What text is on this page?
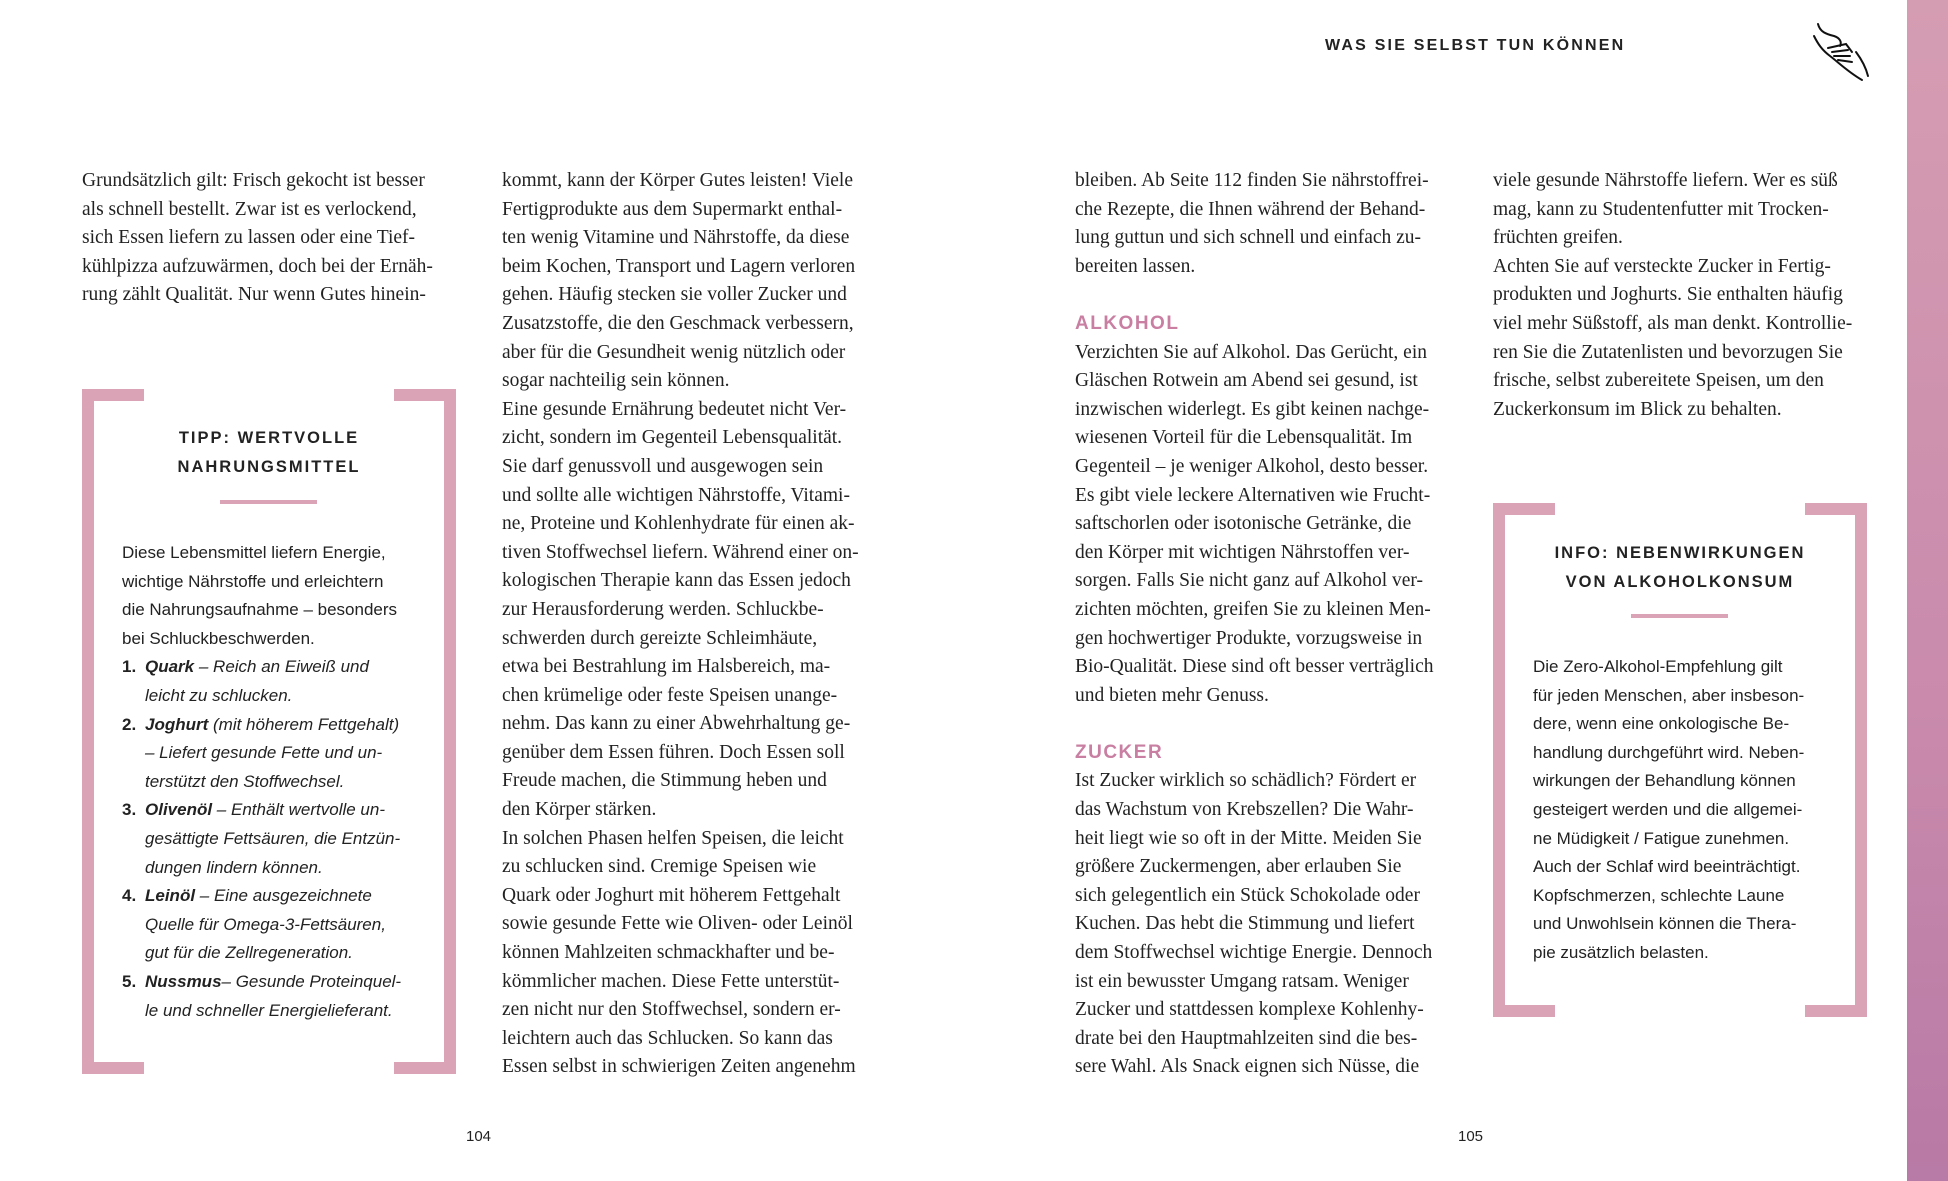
WAS SIE SELBST TUN KÖNNEN
Grundsätzlich gilt: Frisch gekocht ist besser
als schnell bestellt. Zwar ist es verlockend,
sich Essen liefern zu lassen oder eine Tief-
kühlpizza aufzuwärmen, doch bei der Ernäh-
rung zählt Qualität. Nur wenn Gutes hinein-
TIPP: WERTVOLLE
NAHRUNGSMITTEL
Diese Lebensmittel liefern Energie,
wichtige Nährstoffe und erleichtern
die Nahrungsaufnahme – besonders
bei Schluckbeschwerden.
1. Quark – Reich an Eiweiß und
leicht zu schlucken.
2. Joghurt (mit höherem Fettgehalt)
– Liefert gesunde Fette und un-
terstützt den Stoffwechsel.
3. Olivenöl – Enthält wertvolle un-
gesättigte Fettsäuren, die Entzün-
dungen lindern können.
4. Leinöl – Eine ausgezeichnete
Quelle für Omega-3-Fettsäuren,
gut für die Zellregeneration.
5. Nussmus– Gesunde Proteinquel-
le und schneller Energielieferant.
kommt, kann der Körper Gutes leisten! Viele
Fertigprodukte aus dem Supermarkt enthal-
ten wenig Vitamine und Nährstoffe, da diese
beim Kochen, Transport und Lagern verloren
gehen. Häufig stecken sie voller Zucker und
Zusatzstoffe, die den Geschmack verbessern,
aber für die Gesundheit wenig nützlich oder
sogar nachteilig sein können.
Eine gesunde Ernährung bedeutet nicht Ver-
zicht, sondern im Gegenteil Lebensqualität.
Sie darf genussvoll und ausgewogen sein
und sollte alle wichtigen Nährstoffe, Vitami-
ne, Proteine und Kohlenhydrate für einen ak-
tiven Stoffwechsel liefern. Während einer on-
kologischen Therapie kann das Essen jedoch
zur Herausforderung werden. Schluckbe-
schwerden durch gereizte Schleimhäute,
etwa bei Bestrahlung im Halsbereich, ma-
chen krümelige oder feste Speisen unange-
nehm. Das kann zu einer Abwehrhaltung ge-
genüber dem Essen führen. Doch Essen soll
Freude machen, die Stimmung heben und
den Körper stärken.
In solchen Phasen helfen Speisen, die leicht
zu schlucken sind. Cremige Speisen wie
Quark oder Joghurt mit höherem Fettgehalt
sowie gesunde Fette wie Oliven- oder Leinöl
können Mahlzeiten schmackhafter und be-
kömmlicher machen. Diese Fette unterstüt-
zen nicht nur den Stoffwechsel, sondern er-
leichtern auch das Schlucken. So kann das
Essen selbst in schwierigen Zeiten angenehm
bleiben. Ab Seite 112 finden Sie nährstoffrei-
che Rezepte, die Ihnen während der Behand-
lung guttun und sich schnell und einfach zu-
bereiten lassen.
ALKOHOL
Verzichten Sie auf Alkohol. Das Gerücht, ein
Gläschen Rotwein am Abend sei gesund, ist
inzwischen widerlegt. Es gibt keinen nachge-
wiesenen Vorteil für die Lebensqualität. Im
Gegenteil – je weniger Alkohol, desto besser.
Es gibt viele leckere Alternativen wie Frucht-
saftschorlen oder isotonische Getränke, die
den Körper mit wichtigen Nährstoffen ver-
sorgen. Falls Sie nicht ganz auf Alkohol ver-
zichten möchten, greifen Sie zu kleinen Men-
gen hochwertiger Produkte, vorzugsweise in
Bio-Qualität. Diese sind oft besser verträglich
und bieten mehr Genuss.
ZUCKER
Ist Zucker wirklich so schädlich? Fördert er
das Wachstum von Krebszellen? Die Wahr-
heit liegt wie so oft in der Mitte. Meiden Sie
größere Zuckermengen, aber erlauben Sie
sich gelegentlich ein Stück Schokolade oder
Kuchen. Das hebt die Stimmung und liefert
dem Stoffwechsel wichtige Energie. Dennoch
ist ein bewusster Umgang ratsam. Weniger
Zucker und stattdessen komplexe Kohlenhy-
drate bei den Hauptmahlzeiten sind die bes-
sere Wahl. Als Snack eignen sich Nüsse, die
viele gesunde Nährstoffe liefern. Wer es süß
mag, kann zu Studentenfutter mit Trocken-
früchten greifen.
Achten Sie auf versteckte Zucker in Fertig-
produkten und Joghurts. Sie enthalten häufig
viel mehr Süßstoff, als man denkt. Kontrollie-
ren Sie die Zutatenlisten und bevorzugen Sie
frische, selbst zubereitete Speisen, um den
Zuckerkonsum im Blick zu behalten.
INFO: NEBENWIRKUNGEN
VON ALKOHOLKONSUM
Die Zero-Alkohol-Empfehlung gilt
für jeden Menschen, aber insbeson-
dere, wenn eine onkologische Be-
handlung durchgeführt wird. Neben-
wirkungen der Behandlung können
gesteigert werden und die allgemei-
ne Müdigkeit / Fatigue zunehmen.
Auch der Schlaf wird beeinträchtigt.
Kopfschmerzen, schlechte Laune
und Unwohlsein können die Thera-
pie zusätzlich belasten.
104	105
